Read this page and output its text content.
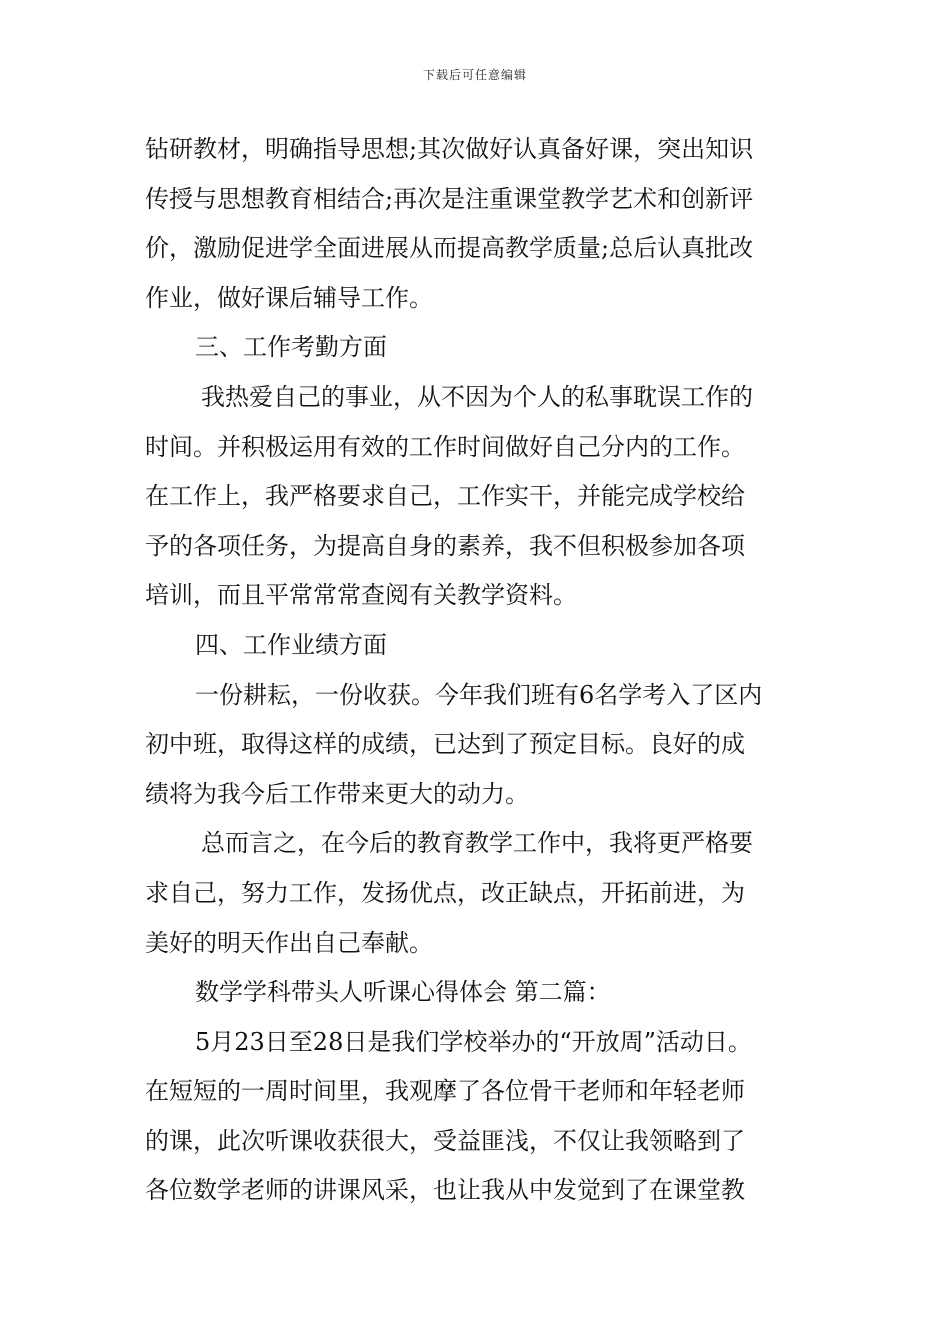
下载后可任意编辑
钻研教材，明确指导思想;其次做好认真备好课，突出知识
传授与思想教育相结合;再次是注重课堂教学艺术和创新评
价，激励促进学全面进展从而提高教学质量;总后认真批改
作业，做好课后辅导工作。
三、工作考勤方面
我热爱自己的事业，从不因为个人的私事耽误工作的
时间。并积极运用有效的工作时间做好自己分内的工作。
在工作上，我严格要求自己，工作实干，并能完成学校给
予的各项任务，为提高自身的素养，我不但积极参加各项
培训，而且平常常常查阅有关教学资料。
四、工作业绩方面
一份耕耘，一份收获。今年我们班有6名学考入了区内
初中班，取得这样的成绩，已达到了预定目标。良好的成
绩将为我今后工作带来更大的动力。
总而言之，在今后的教育教学工作中，我将更严格要
求自己，努力工作，发扬优点，改正缺点，开拓前进，为
美好的明天作出自己奉献。
数学学科带头人听课心得体会 第二篇：
5月23日至28日是我们学校举办的“开放周”活动日。
在短短的一周时间里，我观摩了各位骨干老师和年轻老师
的课，此次听课收获很大，受益匪浅，不仅让我领略到了
各位数学老师的讲课风采，也让我从中发觉到了在课堂教
